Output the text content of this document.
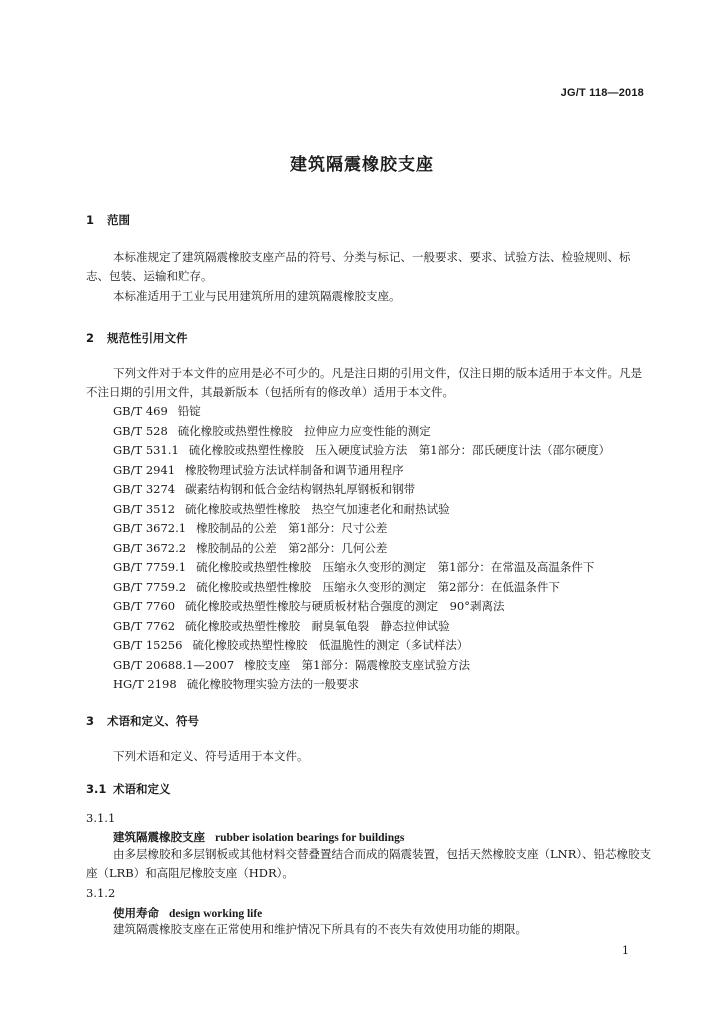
JG/T 118—2018
建筑隔震橡胶支座
1 范围
本标准规定了建筑隔震橡胶支座产品的符号、分类与标记、一般要求、要求、试验方法、检验规则、标志、包装、运输和贮存。
本标准适用于工业与民用建筑所用的建筑隔震橡胶支座。
2 规范性引用文件
下列文件对于本文件的应用是必不可少的。凡是注日期的引用文件，仅注日期的版本适用于本文件。凡是不注日期的引用文件，其最新版本（包括所有的修改单）适用于本文件。
GB/T 469 铅锭
GB/T 528 硫化橡胶或热塑性橡胶　拉伸应力应变性能的测定
GB/T 531.1 硫化橡胶或热塑性橡胶　压入硬度试验方法　第1部分：邵氏硬度计法（邵尔硬度）
GB/T 2941 橡胶物理试验方法试样制备和调节通用程序
GB/T 3274 碳素结构钢和低合金结构钢热轧厚钢板和钢带
GB/T 3512 硫化橡胶或热塑性橡胶　热空气加速老化和耐热试验
GB/T 3672.1 橡胶制品的公差　第1部分：尺寸公差
GB/T 3672.2 橡胶制品的公差　第2部分：几何公差
GB/T 7759.1 硫化橡胶或热塑性橡胶　压缩永久变形的测定　第1部分：在常温及高温条件下
GB/T 7759.2 硫化橡胶或热塑性橡胶　压缩永久变形的测定　第2部分：在低温条件下
GB/T 7760 硫化橡胶或热塑性橡胶与硬质板材粘合强度的测定　90°剥离法
GB/T 7762 硫化橡胶或热塑性橡胶　耐臭氧龟裂　静态拉伸试验
GB/T 15256 硫化橡胶或热塑性橡胶　低温脆性的测定（多试样法）
GB/T 20688.1—2007 橡胶支座　第1部分：隔震橡胶支座试验方法
HG/T 2198 硫化橡胶物理实验方法的一般要求
3 术语和定义、符号
下列术语和定义、符号适用于本文件。
3.1 术语和定义
3.1.1
建筑隔震橡胶支座 rubber isolation bearings for buildings
由多层橡胶和多层钢板或其他材料交替叠置结合而成的隔震装置，包括天然橡胶支座（LNR）、铅芯橡胶支座（LRB）和高阻尼橡胶支座（HDR）。
3.1.2
使用寿命 design working life
建筑隔震橡胶支座在正常使用和维护情况下所具有的不丧失有效使用功能的期限。
1
